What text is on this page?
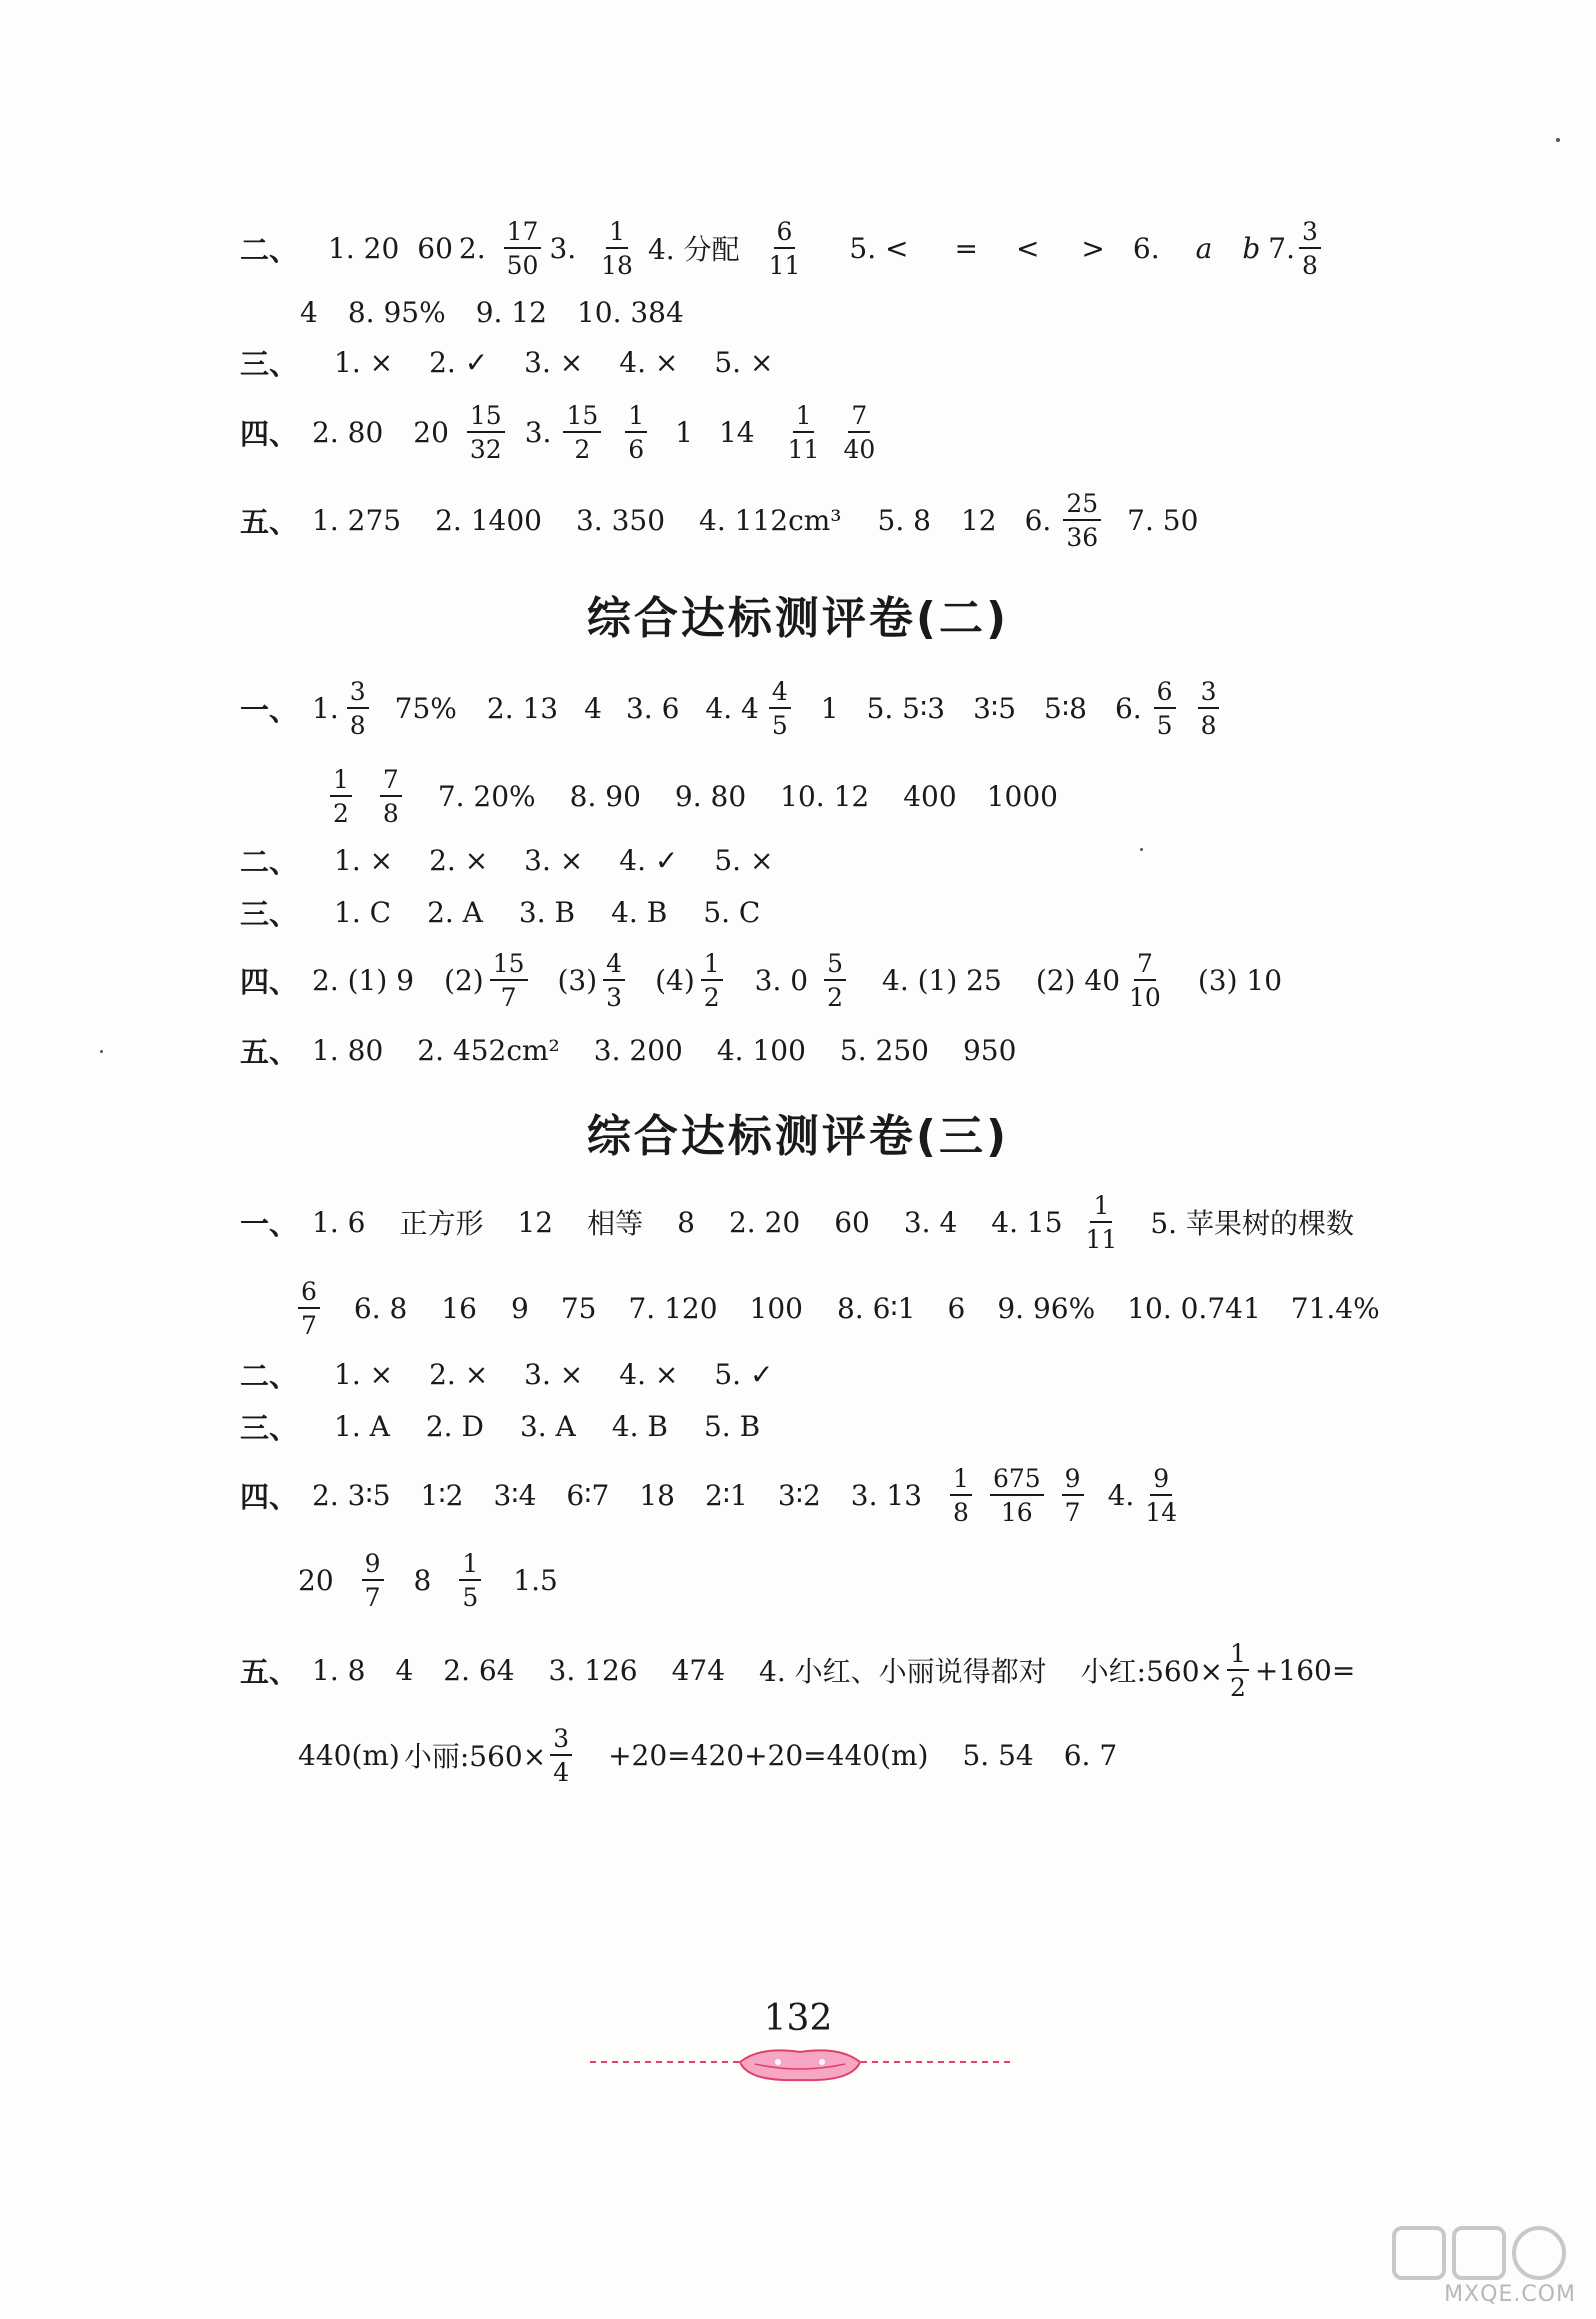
二、 1. 20 60 2. $\frac{17}{50} 3$. $\frac{1}{18} 4$. 分配 $\frac{6}{11} 5$. < = < > 6. a b 7. $\frac{3}{8}$
4 8. 95% 9. 12 10. 384
三、 1. × 2. ✓ 3. × 4. × 5. ×
四、 2. 80 $20 \frac{15}{32} 3$. $\frac{15}{2} \frac{1}{6} 1$ $14 \frac{1}{11} \frac{7}{40}$
五、 1. 275 2. 1400 3. 350 4. 112cm³ 5. 8 12 6. $\frac{25}{36} 7$. 50
综合达标测评卷(二)
一、 1. $\frac{3}{8} 75\%$ 2. 13 4 3. 6 4. $4 \frac{4}{5} 1$ 5. 5∶3 3∶5 5∶8 6. $\frac{6}{5} \frac{3}{8}$
$\frac{1}{2} \frac{7}{8} 7$. 20% 8. 90 9. 80 10. 12 400 1000
二、 1. × 2. × 3. × 4. ✓ 5. ×
三、 1. C 2. A 3. B 4. B 5. C
四、 2. (1) 9 $(2) \frac{15}{7} (3) \frac{4}{3} (4) \frac{1}{2} 3$. $0 \frac{5}{2} 4$. (1) 25 (2) $40 \frac{7}{10} (3)$ 10
五、 1. 80 2. 452cm² 3. 200 4. 100 5. 250 950
综合达标测评卷(三)
一、 1. 6 正方形 12 相等 8 2. 20 60 3. 4 4. $15 \frac{1}{11} 5$. 苹果树的棵数
$\frac{6}{7} 6$. 8 16 9 75 7. 120 100 8. 6∶1 6 9. 96% 10. 0.741 71.4%
二、 1. × 2. × 3. × 4. × 5. ✓
三、 1. A 2. D 3. A 4. B 5. B
四、 2. 3∶5 1∶2 3∶4 6∶7 18 2∶1 3∶2 3. $13 \frac{1}{8} \frac{675}{16} \frac{9}{7} 4$. $\frac{9}{14}$
$20 \frac{9}{7} 8 \frac{1}{5} 1.5$
五、 1. 8 4 2. 64 3. 126 474 4. 小红、小丽说得都对 小红:560× $\frac{1}{2} +160=$
440(m) 小丽:560× $\frac{3}{4} +20=420+20=440(m)$ 5. 54 6. 7
132
MXQE.COM
